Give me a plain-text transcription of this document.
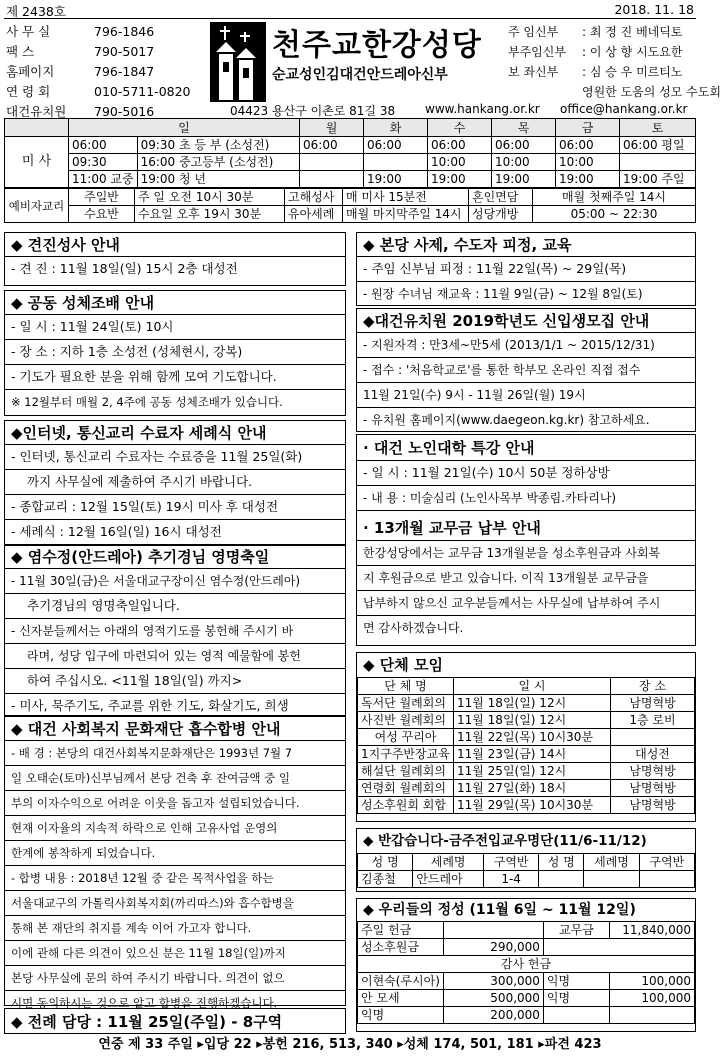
제 2438호	2018. 11. 18
사 무 실	796-1846
팩 스	790-5017
홈페이지	796-1847
연 령 회	010-5711-0820
대건유치원 790-5016
천주교한강성당
순교성인김대건안드레아신부
주 임신부 : 최 정 진 베네딕토
부주임신부 : 이 상 향 시도요한
보 좌신부 : 심 승 우 미르티노
영원한 도움의 성모 수도회
04423 용산구 이촌로 81길 38 www.hankang.or.kr office@hankang.or.kr
	일		월	화	수	목	금	토
미 사	06:00	09:30 초 등 부 (소성전)	06:00	06:00	06:00	06:00	06:00	06:00 평일
	09:30	16:00 중고등부 (소성전)			10:00	10:00	10:00	
	11:00 교중	19:00 청 년		19:00	19:00	19:00	19:00	19:00 주일
예비자교리	주일반	주 일 오전 10시 30분	고해성사	매 미사 15분전	혼인면담	매월 첫째주일 14시
	수요반	수요일 오후 19시 30분	유아세례	매월 마지막주일 14시	성당개방	05:00 ~ 22:30
◆ 견진성사 안내
- 견 진 : 11월 18일(일) 15시 2층 대성전
◆ 공동 성체조배 안내
- 일 시 : 11월 24일(토) 10시
- 장 소 : 지하 1층 소성전 (성체현시, 강복)
- 기도가 필요한 분을 위해 함께 모여 기도합니다.
※ 12월부터 매월 2, 4주에 공동 성체조배가 있습니다.
◆인터넷, 통신교리 수료자 세례식 안내
- 인터넷, 통신교리 수료자는 수료증을 11월 25일(화)
까지 사무실에 제출하여 주시기 바랍니다.
- 종합교리 : 12월 15일(토) 19시 미사 후 대성전
- 세례식 : 12월 16일(일) 16시 대성전
◆ 염수정(안드레아) 추기경님 영명축일
- 11월 30일(금)은 서울대교구장이신 염수정(안드레아)
추기경님의 영명축일입니다.
- 신자분들께서는 아래의 영적기도를 봉헌해 주시기 바
라며, 성당 입구에 마련되어 있는 영적 예물함에 봉헌
하여 주십시오. <11월 18일(일) 까지>
- 미사, 묵주기도, 주교를 위한 기도, 화살기도, 희생
◆ 대건 사회복지 문화재단 흡수합병 안내
- 배 경 : 본당의 대건사회복지문화재단은 1993년 7월 7
일 오태순(토마)신부님께서 본당 건축 후 잔여금액 중 일
부의 이자수익으로 어려운 이웃을 돕고자 설립되었습니다.
현재 이자율의 지속적 하락으로 인해 고유사업 운영의
한계에 봉착하게 되었습니다.
- 합병 내용 : 2018년 12월 중 같은 목적사업을 하는
서울대교구의 가톨릭사회복지회(까리따스)와 흡수합병을
통해 본 재단의 취지를 계속 이어 가고자 합니다.
이에 관해 다른 의견이 있으신 분은 11월 18일(일)까지
본당 사무실에 문의 하여 주시기 바랍니다. 의견이 없으
시면 동의하시는 것으로 알고 합병을 진행하겠습니다.
◆ 전례 담당 : 11월 25일(주일) - 8구역
◆ 본당 사제, 수도자 피정, 교육
- 주임 신부님 피정 : 11월 22일(목) ~ 29일(목)
- 원장 수녀님 재교육 : 11월 9일(금) ~ 12월 8일(토)
◆대건유치원 2019학년도 신입생모집 안내
- 지원자격 : 만3세~만5세 (2013/1/1 ~ 2015/12/31)
- 접수 : '처음학교로'를 통한 학부모 온라인 직접 접수
11월 21일(수) 9시 - 11월 26일(월) 19시
- 유치원 홈페이지(www.daegeon.kg.kr) 참고하세요.
· 대건 노인대학 특강 안내
- 일 시 : 11월 21일(수) 10시 50분 정하상방
- 내 용 : 미술심리 (노인사목부 박종림.카타리나)
· 13개월 교무금 납부 안내
한강성당에서는 교무금 13개월분을 성소후원금과 사회복
지 후원금으로 받고 있습니다. 이직 13개월분 교무금을
납부하지 않으신 교우분들께서는 사무실에 납부하여 주시
면 감사하겠습니다.
◆ 단체 모임
단 체 명	일 시	장 소
독서단 월례회의	11월 18일(일) 12시	남명혁방
사진반 월례회의	11월 18일(일) 12시	1층 로비
여성 꾸리아	11월 22일(목) 10시30분	
1지구주반장교육	11월 23일(금) 14시	대성전
해설단 월례회의	11월 25일(일) 12시	남명혁방
연령회 월례회의	11월 27일(화) 18시	남명혁방
성소후원회 회합	11월 29일(목) 10시30분	남명혁방
◆ 반갑습니다-금주전입교우명단(11/6-11/12)
성 명	세례명	구역반	성 명	세례명	구역반
김종철	안드레아	1-4			
◆ 우리들의 정성 (11월 6일 ~ 11월 12일)
주일 헌금		교무금	11,840,000
성소후원금	290,000		
감사 헌금			
이현숙(루시아)	300,000	익명	100,000
안 모세	500,000	익명	100,000
익명	200,000		
연중 제 33 주일 ▸입당 22 ▸봉헌 216, 513, 340 ▸성체 174, 501, 181 ▸파견 423
